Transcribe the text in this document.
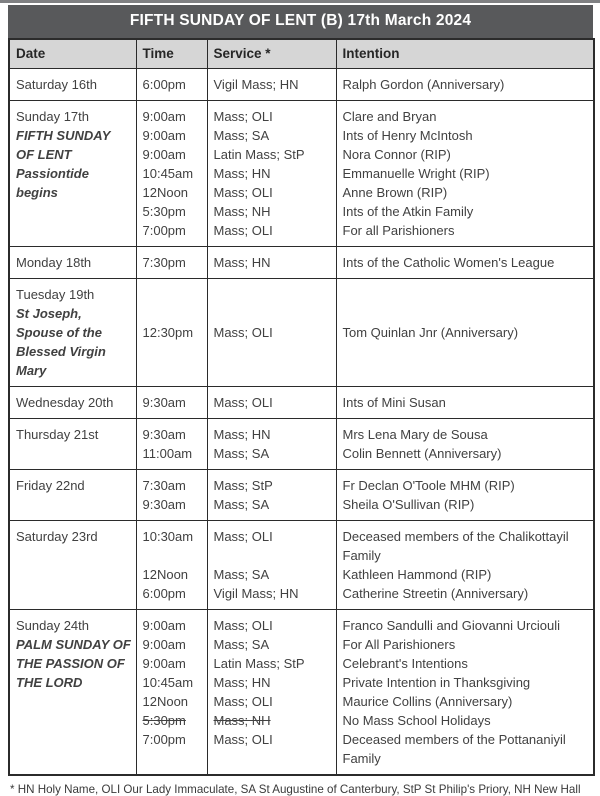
FIFTH SUNDAY OF LENT (B) 17th March 2024
Date	Time	Service *	Intention

Saturday 16th	6:00pm	Vigil Mass; HN	Ralph Gordon (Anniversary)

Sunday 17th
FIFTH SUNDAY OF LENT
Passiontide begins	9:00am	Mass; OLI	Clare and Bryan
	9:00am	Mass; SA	Ints of Henry McIntosh
	9:00am	Latin Mass; StP	Nora Connor (RIP)
	10:45am	Mass; HN	Emmanuelle Wright (RIP)
	12Noon	Mass; OLI	Anne Brown (RIP)
	5:30pm	Mass; NH	Ints of the Atkin Family
	7:00pm	Mass; OLI	For all Parishioners

Monday 18th	7:30pm	Mass; HN	Ints of the Catholic Women's League

Tuesday 19th
St Joseph, Spouse of the Blessed Virgin Mary	12:30pm	Mass; OLI	Tom Quinlan Jnr (Anniversary)

Wednesday 20th	9:30am	Mass; OLI	Ints of Mini Susan

Thursday 21st	9:30am	Mass; HN	Mrs Lena Mary de Sousa
	11:00am	Mass; SA	Colin Bennett (Anniversary)

Friday 22nd	7:30am	Mass; StP	Fr Declan O'Toole MHM (RIP)
	9:30am	Mass; SA	Sheila O'Sullivan (RIP)

Saturday 23rd	10:30am	Mass; OLI	Deceased members of the Chalikottayil Family
	12Noon	Mass; SA	Kathleen Hammond (RIP)
	6:00pm	Vigil Mass; HN	Catherine Streetin (Anniversary)

Sunday 24th
PALM SUNDAY OF THE PASSION OF THE LORD	9:00am	Mass; OLI	Franco Sandulli and Giovanni Urciouli
	9:00am	Mass; SA	For All Parishioners
	9:00am	Latin Mass; StP	Celebrant's Intentions
	10:45am	Mass; HN	Private Intention in Thanksgiving
	12Noon	Mass; OLI	Maurice Collins (Anniversary)
	5:30pm	Mass; NH	No Mass School Holidays
	7:00pm	Mass; OLI	Deceased members of the Pottananiyil Family
* HN Holy Name, OLI Our Lady Immaculate, SA St Augustine of Canterbury, StP St Philip's Priory, NH New Hall
